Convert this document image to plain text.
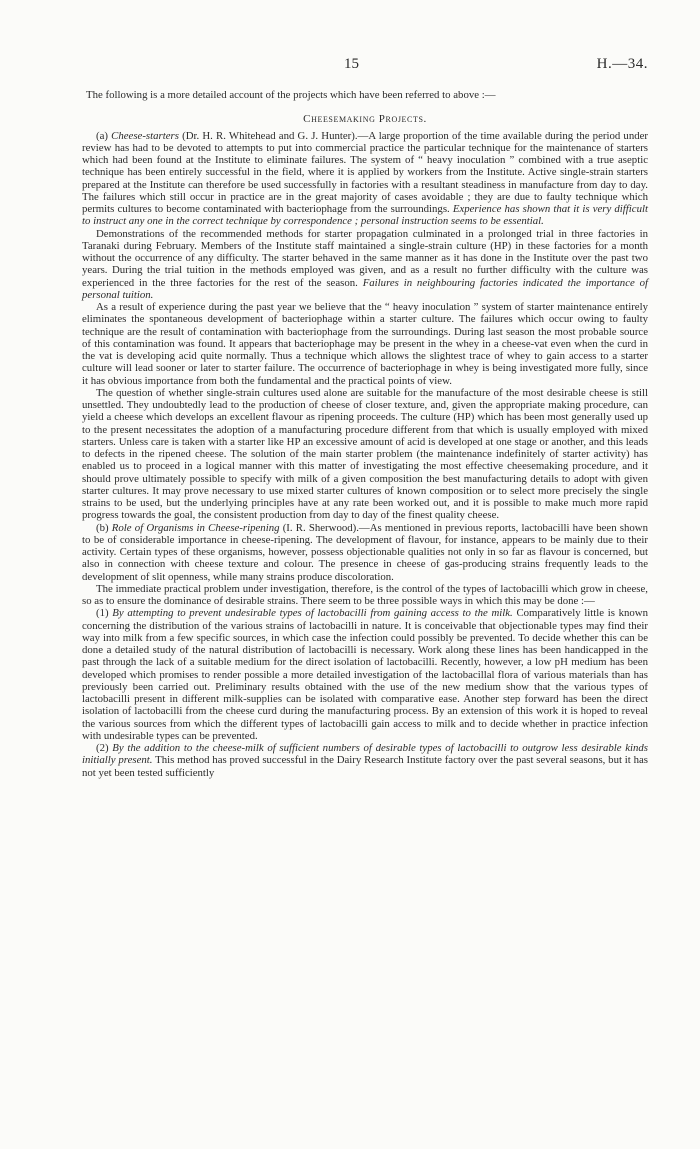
15	H.—34.

The following is a more detailed account of the projects which have been referred to above :—

Cheesemaking Projects.

(a) Cheese-starters (Dr. H. R. Whitehead and G. J. Hunter).—A large proportion of the time available during the period under review has had to be devoted to attempts to put into commercial practice the particular technique for the maintenance of starters which had been found at the Institute to eliminate failures. The system of “ heavy inoculation ” combined with a true aseptic technique has been entirely successful in the field, where it is applied by workers from the Institute. Active single-strain starters prepared at the Institute can therefore be used successfully in factories with a resultant steadiness in manufacture from day to day. The failures which still occur in practice are in the great majority of cases avoidable ; they are due to faulty technique which permits cultures to become contaminated with bacteriophage from the surroundings. Experience has shown that it is very difficult to instruct any one in the correct technique by correspondence ; personal instruction seems to be essential.

Demonstrations of the recommended methods for starter propagation culminated in a prolonged trial in three factories in Taranaki during February. Members of the Institute staff maintained a single-strain culture (HP) in these factories for a month without the occurrence of any difficulty. The starter behaved in the same manner as it has done in the Institute over the past two years. During the trial tuition in the methods employed was given, and as a result no further difficulty with the culture was experienced in the three factories for the rest of the season. Failures in neighbouring factories indicated the importance of personal tuition.

As a result of experience during the past year we believe that the “ heavy inoculation ” system of starter maintenance entirely eliminates the spontaneous development of bacteriophage within a starter culture. The failures which occur owing to faulty technique are the result of contamination with bacteriophage from the surroundings. During last season the most probable source of this contamination was found. It appears that bacteriophage may be present in the whey in a cheese-vat even when the curd in the vat is developing acid quite normally. Thus a technique which allows the slightest trace of whey to gain access to a starter culture will lead sooner or later to starter failure. The occurrence of bacteriophage in whey is being investigated more fully, since it has obvious importance from both the fundamental and the practical points of view.

The question of whether single-strain cultures used alone are suitable for the manufacture of the most desirable cheese is still unsettled. They undoubtedly lead to the production of cheese of closer texture, and, given the appropriate making procedure, can yield a cheese which develops an excellent flavour as ripening proceeds. The culture (HP) which has been most generally used up to the present necessitates the adoption of a manufacturing procedure different from that which is usually employed with mixed starters. Unless care is taken with a starter like HP an excessive amount of acid is developed at one stage or another, and this leads to defects in the ripened cheese. The solution of the main starter problem (the maintenance indefinitely of starter activity) has enabled us to proceed in a logical manner with this matter of investigating the most effective cheesemaking procedure, and it should prove ultimately possible to specify with milk of a given composition the best manufacturing details to adopt with given starter cultures. It may prove necessary to use mixed starter cultures of known composition or to select more precisely the single strains to be used, but the underlying principles have at any rate been worked out, and it is possible to make much more rapid progress towards the goal, the consistent production from day to day of the finest quality cheese.

(b) Role of Organisms in Cheese-ripening (I. R. Sherwood).—As mentioned in previous reports, lactobacilli have been shown to be of considerable importance in cheese-ripening. The development of flavour, for instance, appears to be mainly due to their activity. Certain types of these organisms, however, possess objectionable qualities not only in so far as flavour is concerned, but also in connection with cheese texture and colour. The presence in cheese of gas-producing strains frequently leads to the development of slit openness, while many strains produce discoloration.

The immediate practical problem under investigation, therefore, is the control of the types of lactobacilli which grow in cheese, so as to ensure the dominance of desirable strains. There seem to be three possible ways in which this may be done :—

(1) By attempting to prevent undesirable types of lactobacilli from gaining access to the milk. Comparatively little is known concerning the distribution of the various strains of lactobacilli in nature. It is conceivable that objectionable types may find their way into milk from a few specific sources, in which case the infection could possibly be prevented. To decide whether this can be done a detailed study of the natural distribution of lactobacilli is necessary. Work along these lines has been handicapped in the past through the lack of a suitable medium for the direct isolation of lactobacilli. Recently, however, a low pH medium has been developed which promises to render possible a more detailed investigation of the lactobacillal flora of various materials than has previously been carried out. Preliminary results obtained with the use of the new medium show that the various types of lactobacilli present in different milk-supplies can be isolated with comparative ease. Another step forward has been the direct isolation of lactobacilli from the cheese curd during the manufacturing process. By an extension of this work it is hoped to reveal the various sources from which the different types of lactobacilli gain access to milk and to decide whether in practice infection with undesirable types can be prevented.

(2) By the addition to the cheese-milk of sufficient numbers of desirable types of lactobacilli to outgrow less desirable kinds initially present. This method has proved successful in the Dairy Research Institute factory over the past several seasons, but it has not yet been tested sufficiently
